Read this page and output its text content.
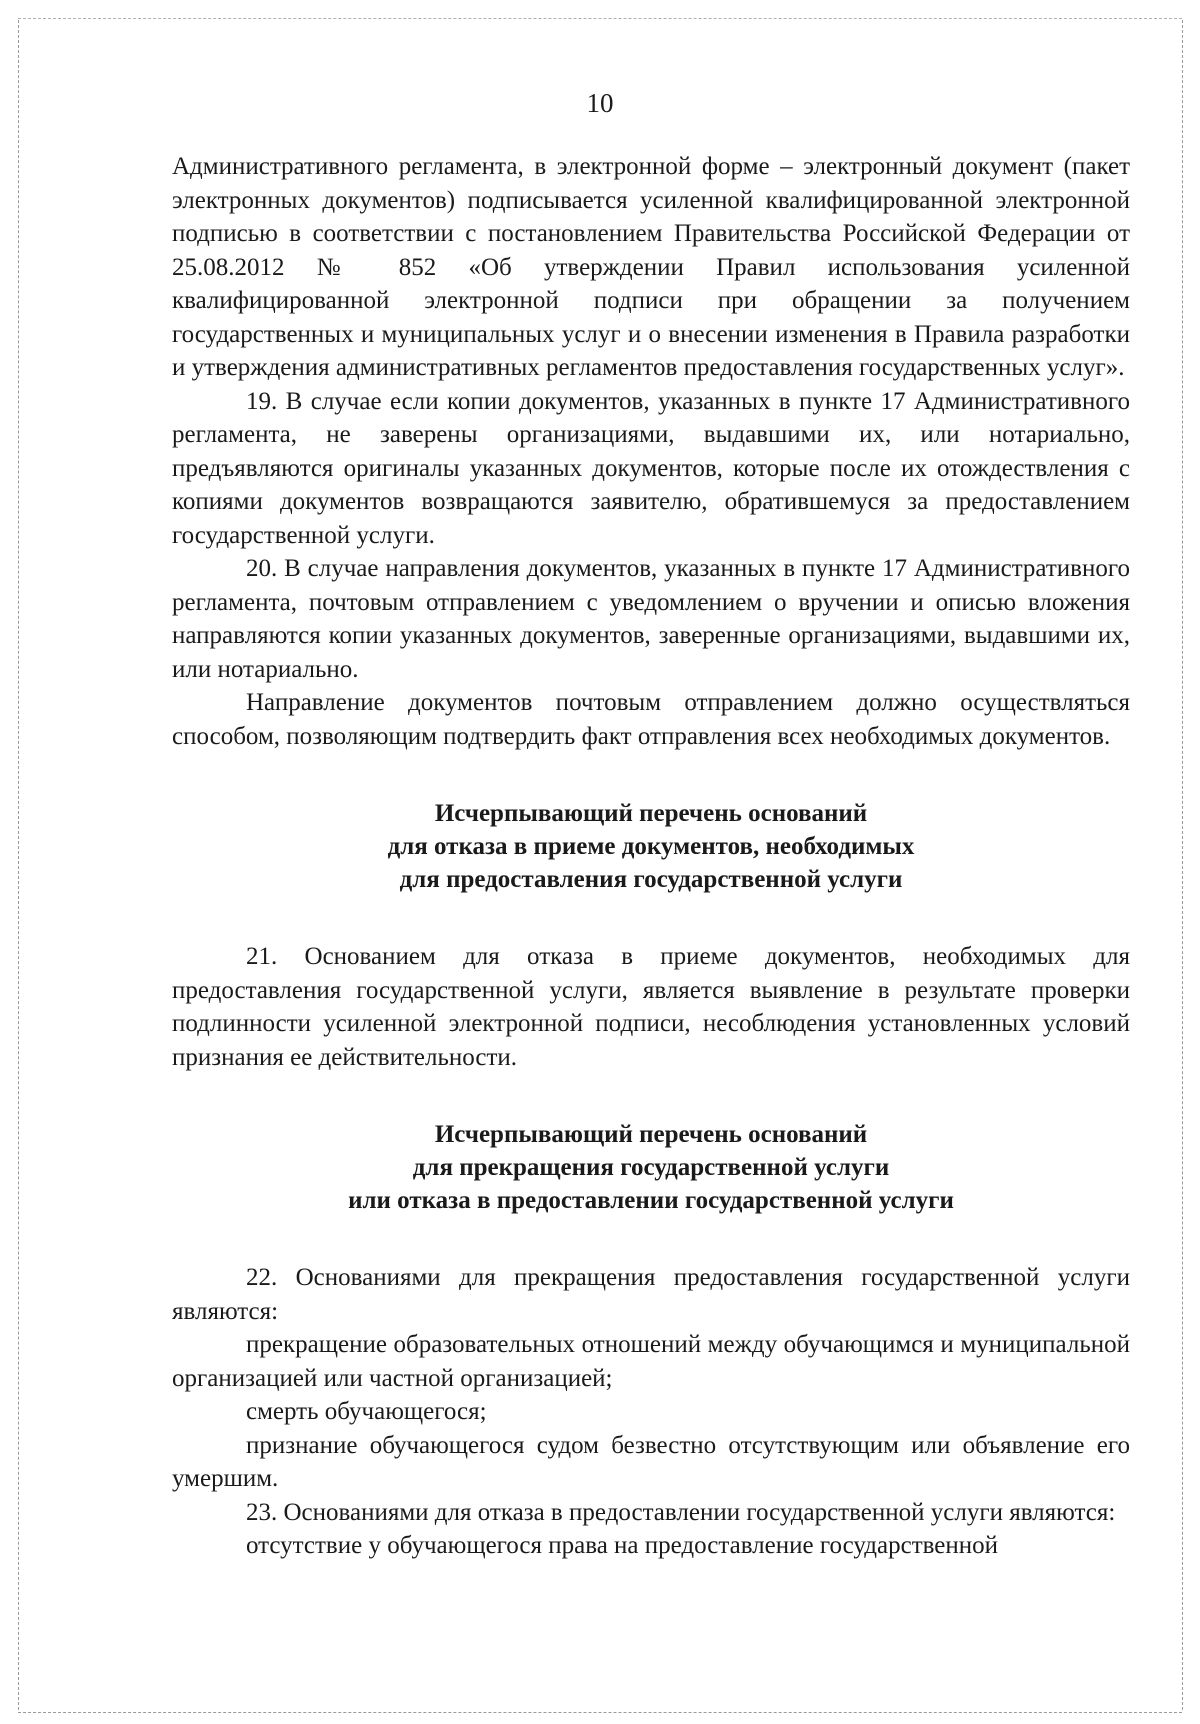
10

Административного регламента, в электронной форме – электронный документ (пакет электронных документов) подписывается усиленной квалифицированной электронной подписью в соответствии с постановлением Правительства Российской Федерации от 25.08.2012 № 852 «Об утверждении Правил использования усиленной квалифицированной электронной подписи при обращении за получением государственных и муниципальных услуг и о внесении изменения в Правила разработки и утверждения административных регламентов предоставления государственных услуг».

19. В случае если копии документов, указанных в пункте 17 Административного регламента, не заверены организациями, выдавшими их, или нотариально, предъявляются оригиналы указанных документов, которые после их отождествления с копиями документов возвращаются заявителю, обратившемуся за предоставлением государственной услуги.

20. В случае направления документов, указанных в пункте 17 Административного регламента, почтовым отправлением с уведомлением о вручении и описью вложения направляются копии указанных документов, заверенные организациями, выдавшими их, или нотариально.

Направление документов почтовым отправлением должно осуществляться способом, позволяющим подтвердить факт отправления всех необходимых документов.

Исчерпывающий перечень оснований
для отказа в приеме документов, необходимых
для предоставления государственной услуги

21. Основанием для отказа в приеме документов, необходимых для предоставления государственной услуги, является выявление в результате проверки подлинности усиленной электронной подписи, несоблюдения установленных условий признания ее действительности.

Исчерпывающий перечень оснований
для прекращения государственной услуги
или отказа в предоставлении государственной услуги

22. Основаниями для прекращения предоставления государственной услуги являются:

прекращение образовательных отношений между обучающимся и муниципальной организацией или частной организацией;

смерть обучающегося;

признание обучающегося судом безвестно отсутствующим или объявление его умершим.

23. Основаниями для отказа в предоставлении государственной услуги являются:

отсутствие у обучающегося права на предоставление государственной
